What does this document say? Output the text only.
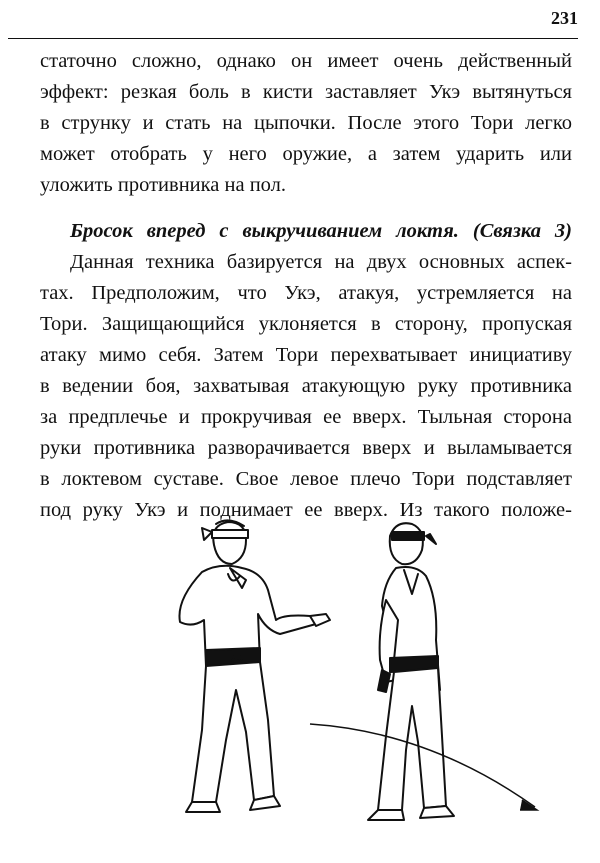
231

статочно сложно, однако он имеет очень действенный

эффект: резкая боль в кисти заставляет Укэ вытянуться

в струнку и стать на цыпочки. После этого Тори легко

может отобрать у него оружие, а затем ударить или

уложить противника на пол.

Бросок вперед с выкручиванием локтя. (Связка 3)

Данная техника базируется на двух основных аспек-

тах. Предположим, что Укэ, атакуя, устремляется на

Тори. Защищающийся уклоняется в сторону, пропуская

атаку мимо себя. Затем Тори перехватывает инициативу

в ведении боя, захватывая атакующую руку противника

за предплечье и прокручивая ее вверх. Тыльная сторона

руки противника разворачивается вверх и выламывается

в локтевом суставе. Свое левое плечо Тори подставляет

под руку Укэ и поднимает ее вверх. Из такого положе-
